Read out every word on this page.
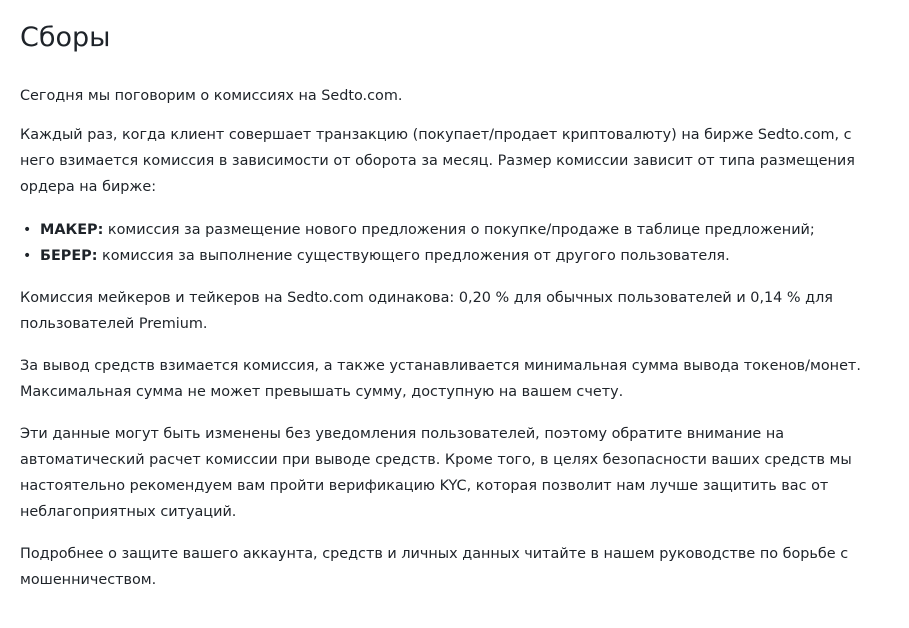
Сборы

Сегодня мы поговорим о комиссиях на Sedto.com.

Каждый раз, когда клиент совершает транзакцию (покупает/продает криптовалюту) на бирже Sedto.com, с него взимается комиссия в зависимости от оборота за месяц. Размер комиссии зависит от типа размещения ордера на бирже:

• МАКЕР: комиссия за размещение нового предложения о покупке/продаже в таблице предложений;
• БЕРЕР: комиссия за выполнение существующего предложения от другого пользователя.

Комиссия мейкеров и тейкеров на Sedto.com одинакова: 0,20 % для обычных пользователей и 0,14 % для пользователей Premium.

За вывод средств взимается комиссия, а также устанавливается минимальная сумма вывода токенов/монет. Максимальная сумма не может превышать сумму, доступную на вашем счету.

Эти данные могут быть изменены без уведомления пользователей, поэтому обратите внимание на автоматический расчет комиссии при выводе средств. Кроме того, в целях безопасности ваших средств мы настоятельно рекомендуем вам пройти верификацию KYC, которая позволит нам лучше защитить вас от неблагоприятных ситуаций.

Подробнее о защите вашего аккаунта, средств и личных данных читайте в нашем руководстве по борьбе с мошенничеством.
